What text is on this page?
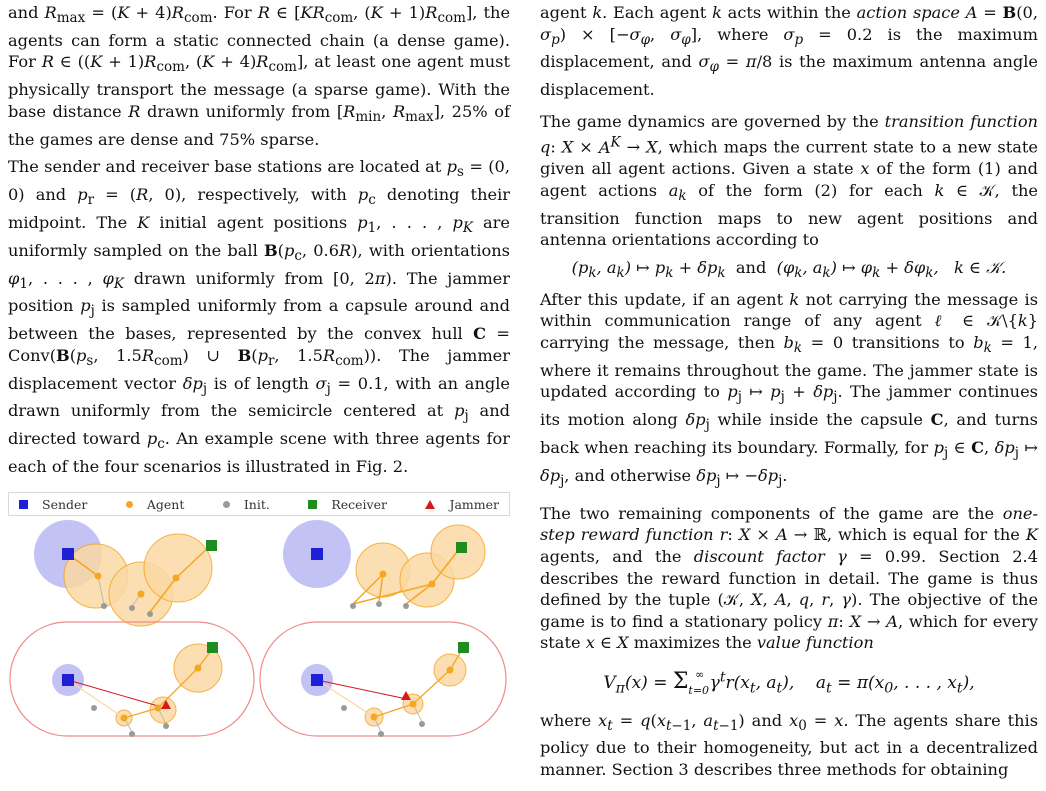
and $R_{max} = (K + 4)R_{com}$. For R ∈ [$KR_{com}$, $(K + 1)R_{com}$], the agents can form a static connected chain (a dense game). For R ∈ ($(K + 1)R_{com}$, $(K + 4)R_{com}$], at least one agent must physically transport the message (a sparse game). With the base distance R drawn uniformly from [$R_{min}$, $R_{max}$], 25% of the games are dense and 75% sparse.

The sender and receiver base stations are located at $p_s = (0$, 0) and $p_r = (R$, 0), respectively, with $p_c$ denoting their midpoint. The K initial agent positions $p_1$, . . . , $p_K$ are uniformly sampled on the ball $B(p_c$, 0.6R), with orientations $\varphi_1$, . . . , $\varphi_K$ drawn uniformly from [0, 2π). The jammer position $p_j$ is sampled uniformly from a capsule around and between the bases, represented by the convex hull $C = Conv(B(p_s$, $1.5R_{com}$) ∪ $B(p_r$, $1.5R_{com}$)). The jammer displacement vector $\delta p_j$ is of length $\sigma_j = 0.1$, with an angle drawn uniformly from the semicircle centered at $p_j$ and directed toward $p_c$. An example scene with three agents for each of the four scenarios is illustrated in Fig. 2.

Sender	Agent	Init.	Receiver	Jammer

agent k. Each agent k acts within the action space A = B(0, $\sigma_p) \times [-\sigma_\varphi$, $\sigma_\varphi$], where $\sigma_p = 0.2$ is the maximum displacement, and $\sigma_\varphi = \pi/8$ is the maximum antenna angle displacement.

The game dynamics are governed by the transition function q: $X \times A^K \to X$, which maps the current state to a new state given all agent actions. Given a state x of the form (1) and agent actions $a_k$ of the form (2) for each k ∈ 𝒦, the transition function maps to new agent positions and antenna orientations according to

($p_k$, $a_k$) ↦ $p_k + \delta p_k$ and  ($\varphi_k$, $a_k$) ↦ $\varphi_k + \delta\varphi_k$,   k ∈ 𝒦.

After this update, if an agent k not carrying the message is within communication range of any agent ℓ ∈ 𝒦\{k} carrying the message, then $b_k = 0$ transitions to $b_k = 1$, where it remains throughout the game. The jammer state is updated according to $p_j$ ↦ $p_j + \delta p_j$. The jammer continues its motion along $\delta p_j$ while inside the capsule C, and turns back when reaching its boundary. Formally, for $p_j$ ∈ C, $\delta p_j$ ↦ $\delta p_j$, and otherwise $\delta p_j$ ↦ $-\delta p_j$.

The two remaining components of the game are the one-step reward function r: X × A → ℝ, which is equal for the K agents, and the discount factor γ = 0.99. Section 2.4 describes the reward function in detail. The game is thus defined by the tuple (𝒦, X, A, q, r, γ). The objective of the game is to find a stationary policy π: X → A, which for every state x ∈ X maximizes the value function

$V_\pi(x) = \Sigma_{t=0}^\infty$ $\gamma^tr(x_t$, $a_t$),    $a_t = \pi(x_0$, . . . , $x_t$),

where $x_t = q(x_{t-1}$, $a_{t-1}$) and $x_0 = x$. The agents share this policy due to their homogeneity, but act in a decentralized manner. Section 3 describes three methods for obtaining
